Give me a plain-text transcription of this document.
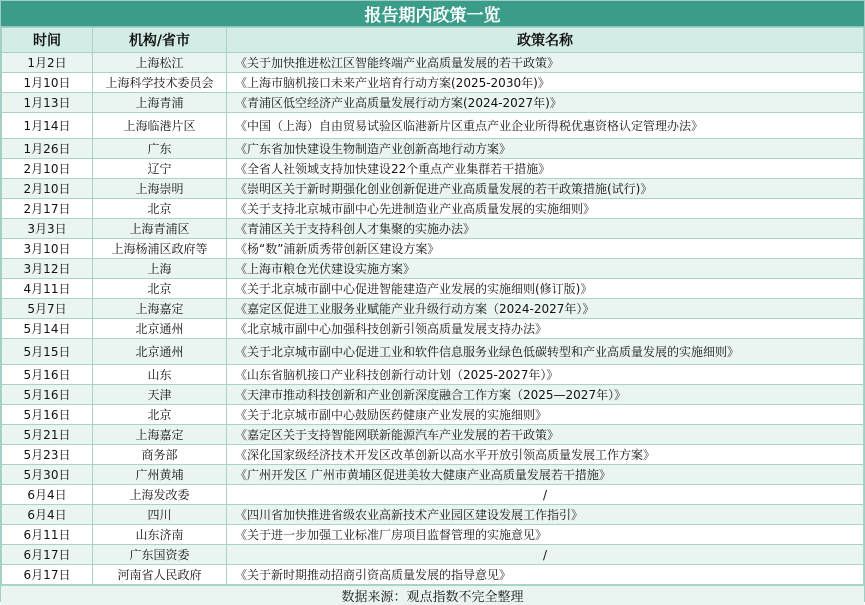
报告期内政策一览
时间	机构/省市	政策名称
1月2日	上海松江	《关于加快推进松江区智能终端产业高质量发展的若干政策》
1月10日	上海科学技术委员会	《上海市脑机接口未来产业培育行动方案(2025-2030年)》
1月13日	上海青浦	《青浦区低空经济产业高质量发展行动方案(2024-2027年)》
1月14日	上海临港片区	《中国（上海）自由贸易试验区临港新片区重点产业企业所得税优惠资格认定管理办法》
1月26日	广东	《广东省加快建设生物制造产业创新高地行动方案》
2月10日	辽宁	《全省人社领域支持加快建设22个重点产业集群若干措施》
2月10日	上海崇明	《崇明区关于新时期强化创业创新促进产业高质量发展的若干政策措施(试行)》
2月17日	北京	《关于支持北京城市副中心先进制造业产业高质量发展的实施细则》
3月3日	上海青浦区	《青浦区关于支持科创人才集聚的实施办法》
3月10日	上海杨浦区政府等	《杨“数”浦新质秀带创新区建设方案》
3月12日	上海	《上海市粮仓光伏建设实施方案》
4月11日	北京	《关于北京城市副中心促进智能建造产业发展的实施细则(修订版)》
5月7日	上海嘉定	《嘉定区促进工业服务业赋能产业升级行动方案（2024-2027年）》
5月14日	北京通州	《北京城市副中心加强科技创新引领高质量发展支持办法》
5月15日	北京通州	《关于北京城市副中心促进工业和软件信息服务业绿色低碳转型和产业高质量发展的实施细则》
5月16日	山东	《山东省脑机接口产业科技创新行动计划（2025-2027年）》
5月16日	天津	《天津市推动科技创新和产业创新深度融合工作方案（2025—2027年）》
5月16日	北京	《关于北京城市副中心鼓励医药健康产业发展的实施细则》
5月21日	上海嘉定	《嘉定区关于支持智能网联新能源汽车产业发展的若干政策》
5月23日	商务部	《深化国家级经济技术开发区改革创新以高水平开放引领高质量发展工作方案》
5月30日	广州黄埔	《广州开发区 广州市黄埔区促进美妆大健康产业高质量发展若干措施》
6月4日	上海发改委	/
6月4日	四川	《四川省加快推进省级农业高新技术产业园区建设发展工作指引》
6月11日	山东济南	《关于进一步加强工业标准厂房项目监督管理的实施意见》
6月17日	广东国资委	/
6月17日	河南省人民政府	《关于新时期推动招商引资高质量发展的指导意见》
数据来源：观点指数不完全整理
